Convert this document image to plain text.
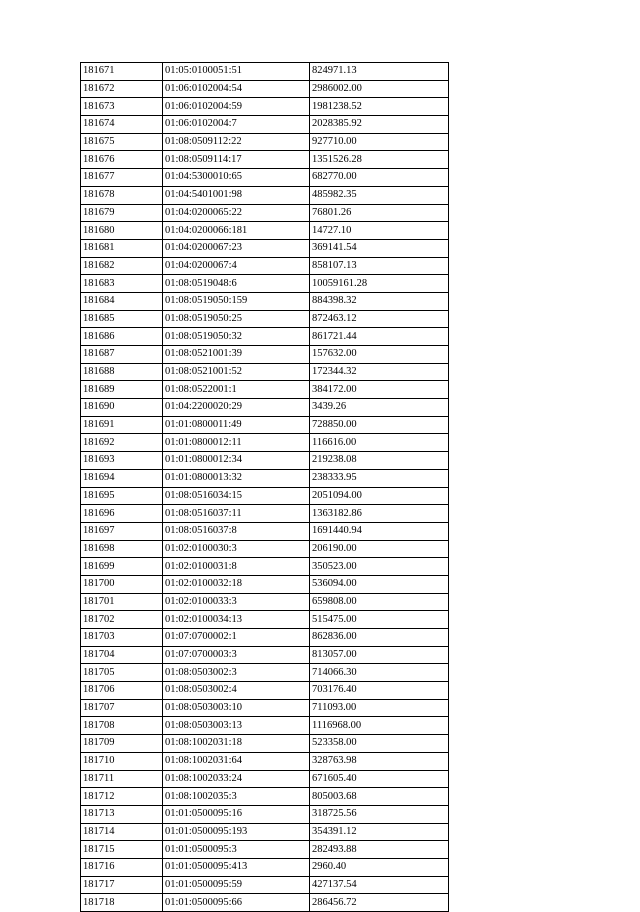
181671	01:05:0100051:51	824971.13
181672	01:06:0102004:54	2986002.00
181673	01:06:0102004:59	1981238.52
181674	01:06:0102004:7	2028385.92
181675	01:08:0509112:22	927710.00
181676	01:08:0509114:17	1351526.28
181677	01:04:5300010:65	682770.00
181678	01:04:5401001:98	485982.35
181679	01:04:0200065:22	76801.26
181680	01:04:0200066:181	14727.10
181681	01:04:0200067:23	369141.54
181682	01:04:0200067:4	858107.13
181683	01:08:0519048:6	10059161.28
181684	01:08:0519050:159	884398.32
181685	01:08:0519050:25	872463.12
181686	01:08:0519050:32	861721.44
181687	01:08:0521001:39	157632.00
181688	01:08:0521001:52	172344.32
181689	01:08:0522001:1	384172.00
181690	01:04:2200020:29	3439.26
181691	01:01:0800011:49	728850.00
181692	01:01:0800012:11	116616.00
181693	01:01:0800012:34	219238.08
181694	01:01:0800013:32	238333.95
181695	01:08:0516034:15	2051094.00
181696	01:08:0516037:11	1363182.86
181697	01:08:0516037:8	1691440.94
181698	01:02:0100030:3	206190.00
181699	01:02:0100031:8	350523.00
181700	01:02:0100032:18	536094.00
181701	01:02:0100033:3	659808.00
181702	01:02:0100034:13	515475.00
181703	01:07:0700002:1	862836.00
181704	01:07:0700003:3	813057.00
181705	01:08:0503002:3	714066.30
181706	01:08:0503002:4	703176.40
181707	01:08:0503003:10	711093.00
181708	01:08:0503003:13	1116968.00
181709	01:08:1002031:18	523358.00
181710	01:08:1002031:64	328763.98
181711	01:08:1002033:24	671605.40
181712	01:08:1002035:3	805003.68
181713	01:01:0500095:16	318725.56
181714	01:01:0500095:193	354391.12
181715	01:01:0500095:3	282493.88
181716	01:01:0500095:413	2960.40
181717	01:01:0500095:59	427137.54
181718	01:01:0500095:66	286456.72
